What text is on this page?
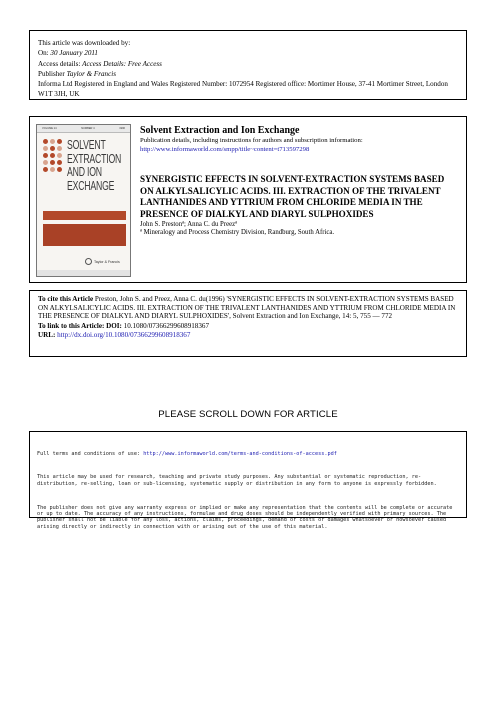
This article was downloaded by:
On: 30 January 2011
Access details: Access Details: Free Access
Publisher Taylor & Francis
Informa Ltd Registered in England and Wales Registered Number: 1072954 Registered office: Mortimer House, 37-41 Mortimer Street, London W1T 3JH, UK
VOLUME 14	NUMBER 4	1996
SOLVENT
EXTRACTION
AND ION
EXCHANGE
Taylor & Francis
Solvent Extraction and Ion Exchange
Publication details, including instructions for authors and subscription information:
http://www.informaworld.com/smpp/title~content=t713597298
SYNERGISTIC EFFECTS IN SOLVENT-EXTRACTION SYSTEMS BASED ON ALKYLSALICYLIC ACIDS. III. EXTRACTION OF THE TRIVALENT LANTHANIDES AND YTTRIUM FROM CHLORIDE MEDIA IN THE PRESENCE OF DIALKYL AND DIARYL SULPHOXIDES
John S. Prestonª; Anna C. du Preezª
ª Mineralogy and Process Chemistry Division, Randburg, South Africa.

To cite this Article Preston, John S. and Preez, Anna C. du(1996) 'SYNERGISTIC EFFECTS IN SOLVENT-EXTRACTION SYSTEMS BASED ON ALKYLSALICYLIC ACIDS. III. EXTRACTION OF THE TRIVALENT LANTHANIDES AND YTTRIUM FROM CHLORIDE MEDIA IN THE PRESENCE OF DIALKYL AND DIARYL SULPHOXIDES', Solvent Extraction and Ion Exchange, 14: 5, 755 — 772

To link to this Article: DOI: 10.1080/07366299608918367

URL: http://dx.doi.org/10.1080/07366299608918367

PLEASE SCROLL DOWN FOR ARTICLE

Full terms and conditions of use: http://www.informaworld.com/terms-and-conditions-of-access.pdf

This article may be used for research, teaching and private study purposes. Any substantial or systematic reproduction, re-distribution, re-selling, loan or sub-licensing, systematic supply or distribution in any form to anyone is expressly forbidden.

The publisher does not give any warranty express or implied or make any representation that the contents will be complete or accurate or up to date. The accuracy of any instructions, formulae and drug doses should be independently verified with primary sources. The publisher shall not be liable for any loss, actions, claims, proceedings, demand or costs or damages whatsoever or howsoever caused arising directly or indirectly in connection with or arising out of the use of this material.
